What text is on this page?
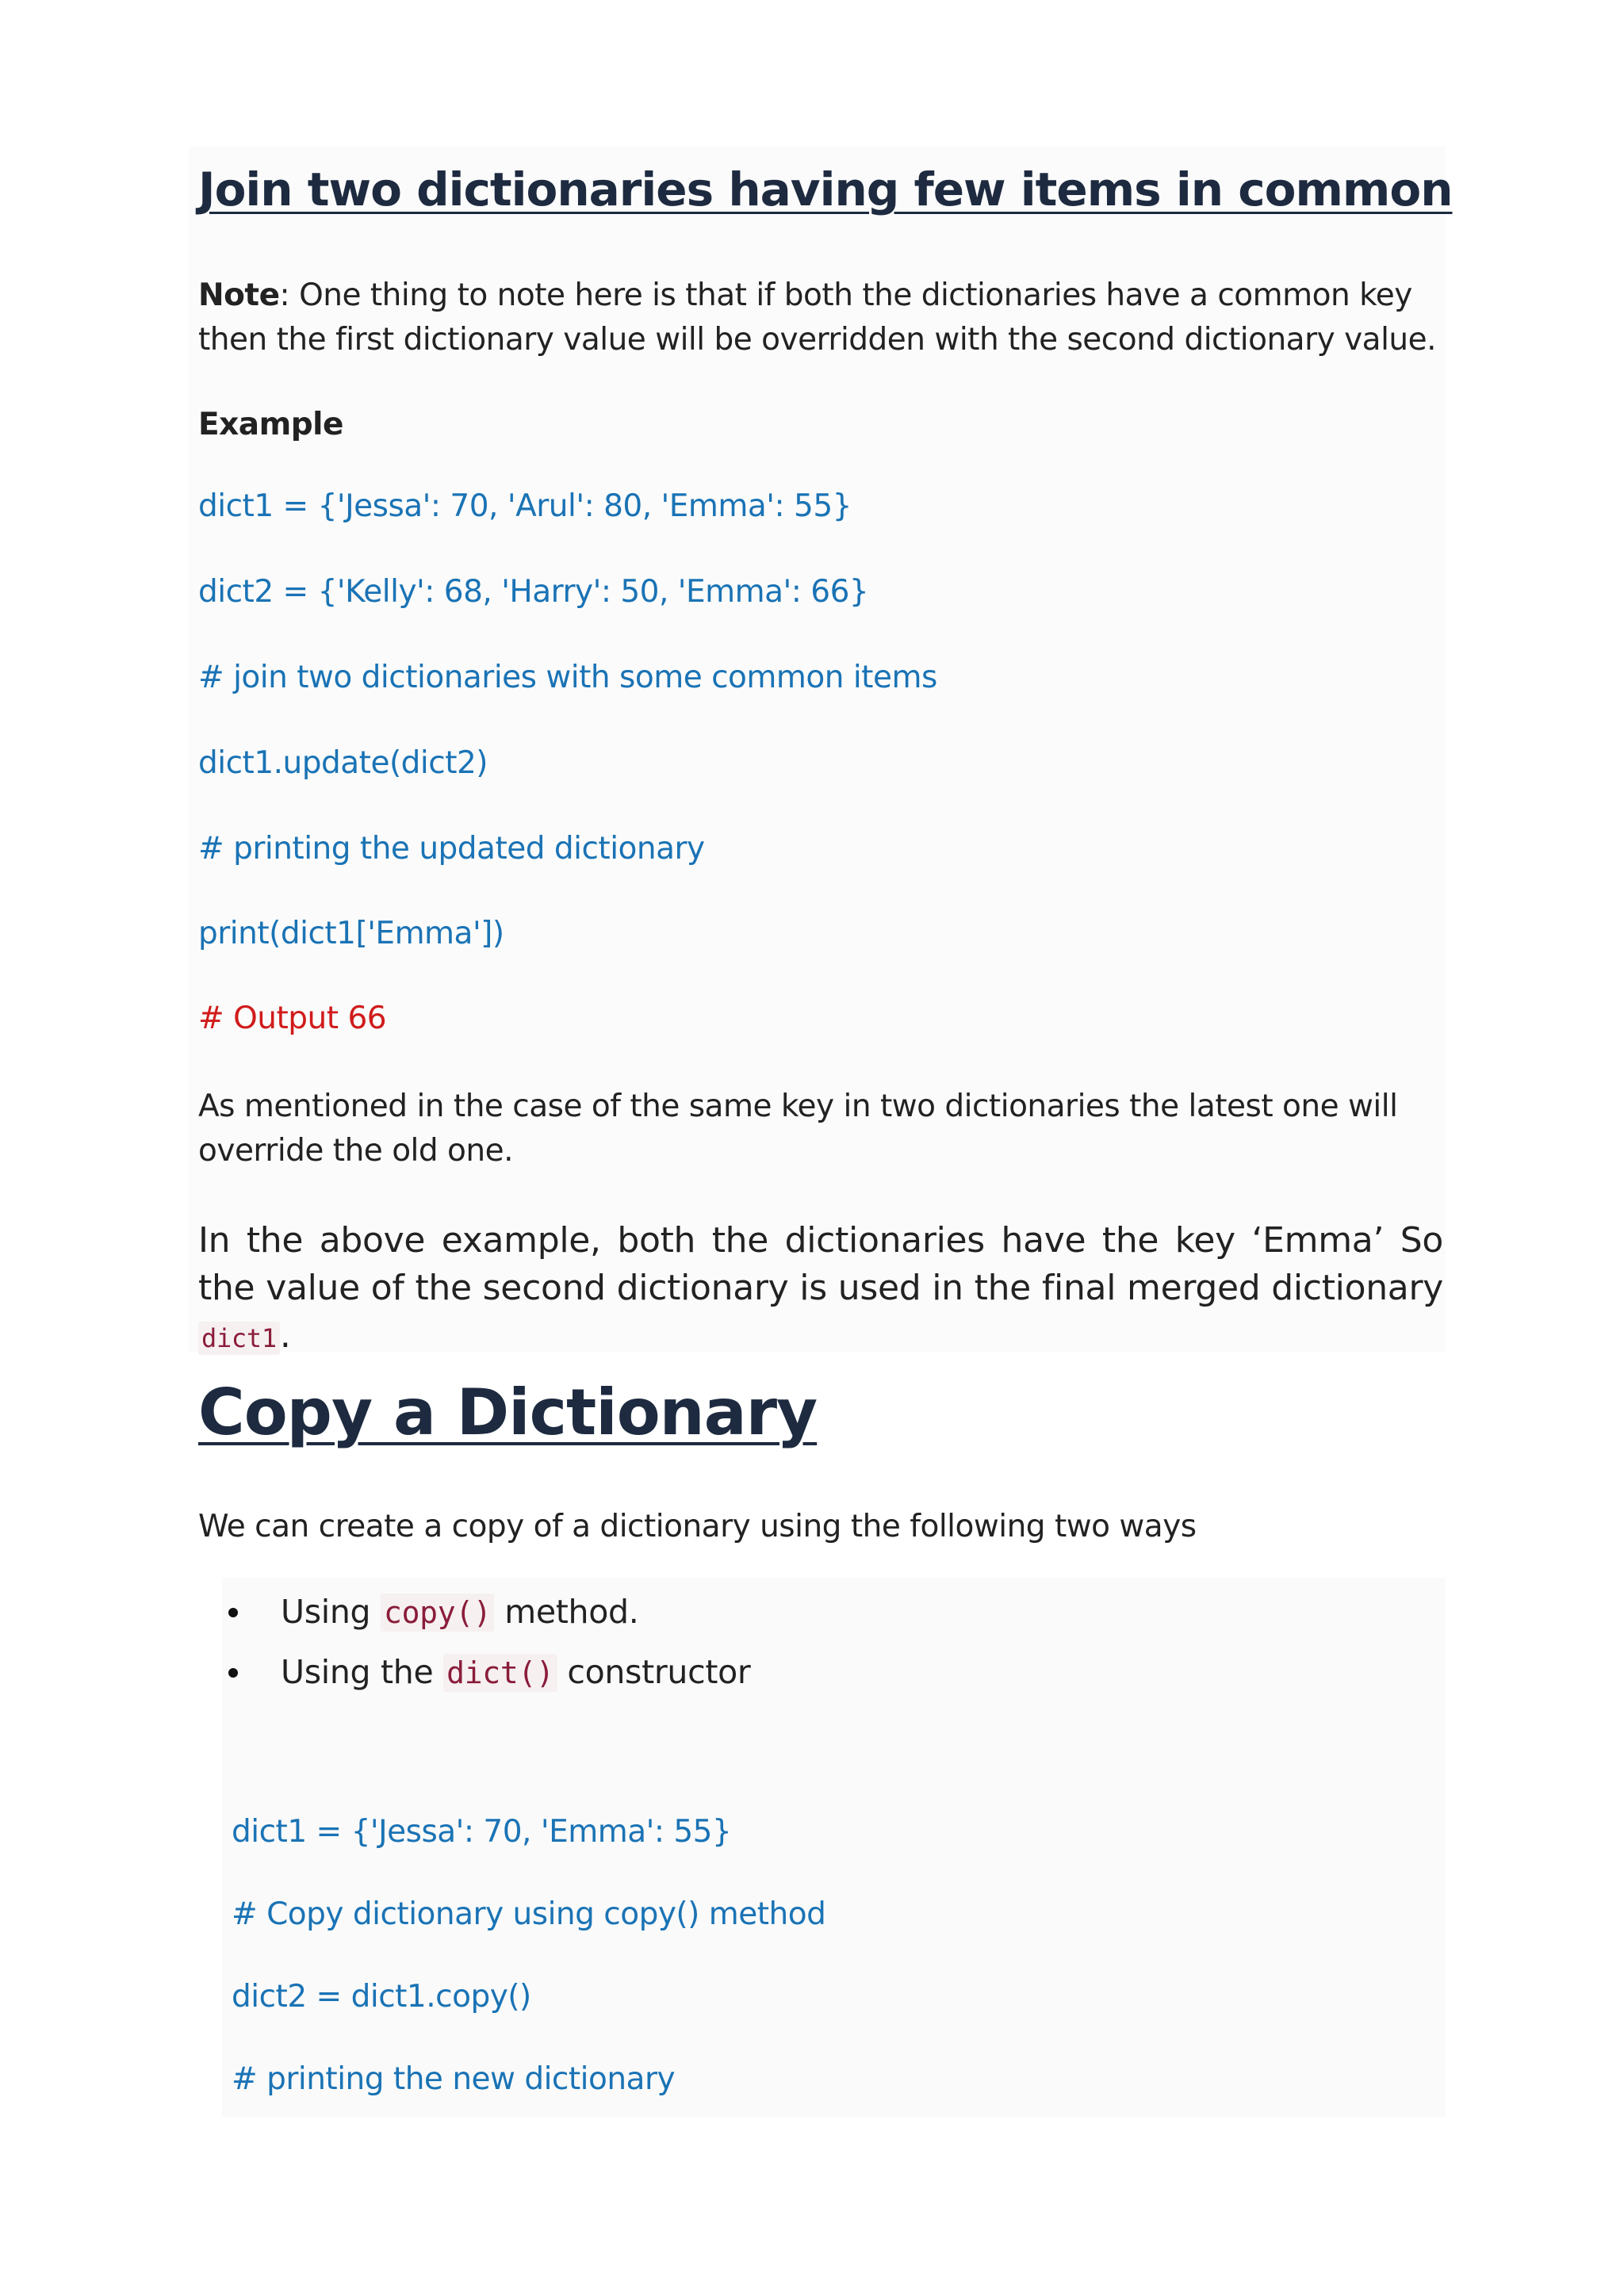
Join two dictionaries having few items in common
Note: One thing to note here is that if both the dictionaries have a common key then the first dictionary value will be overridden with the second dictionary value.
Example
dict1 = {'Jessa': 70, 'Arul': 80, 'Emma': 55}
dict2 = {'Kelly': 68, 'Harry': 50, 'Emma': 66}
# join two dictionaries with some common items
dict1.update(dict2)
# printing the updated dictionary
print(dict1['Emma'])
# Output 66
As mentioned in the case of the same key in two dictionaries the latest one will override the old one.
In the above example, both the dictionaries have the key ‘Emma’ So the value of the second dictionary is used in the final merged dictionary dict1.
Copy a Dictionary
We can create a copy of a dictionary using the following two ways
Using copy() method.
Using the dict() constructor
dict1 = {'Jessa': 70, 'Emma': 55}
# Copy dictionary using copy() method
dict2 = dict1.copy()
# printing the new dictionary
